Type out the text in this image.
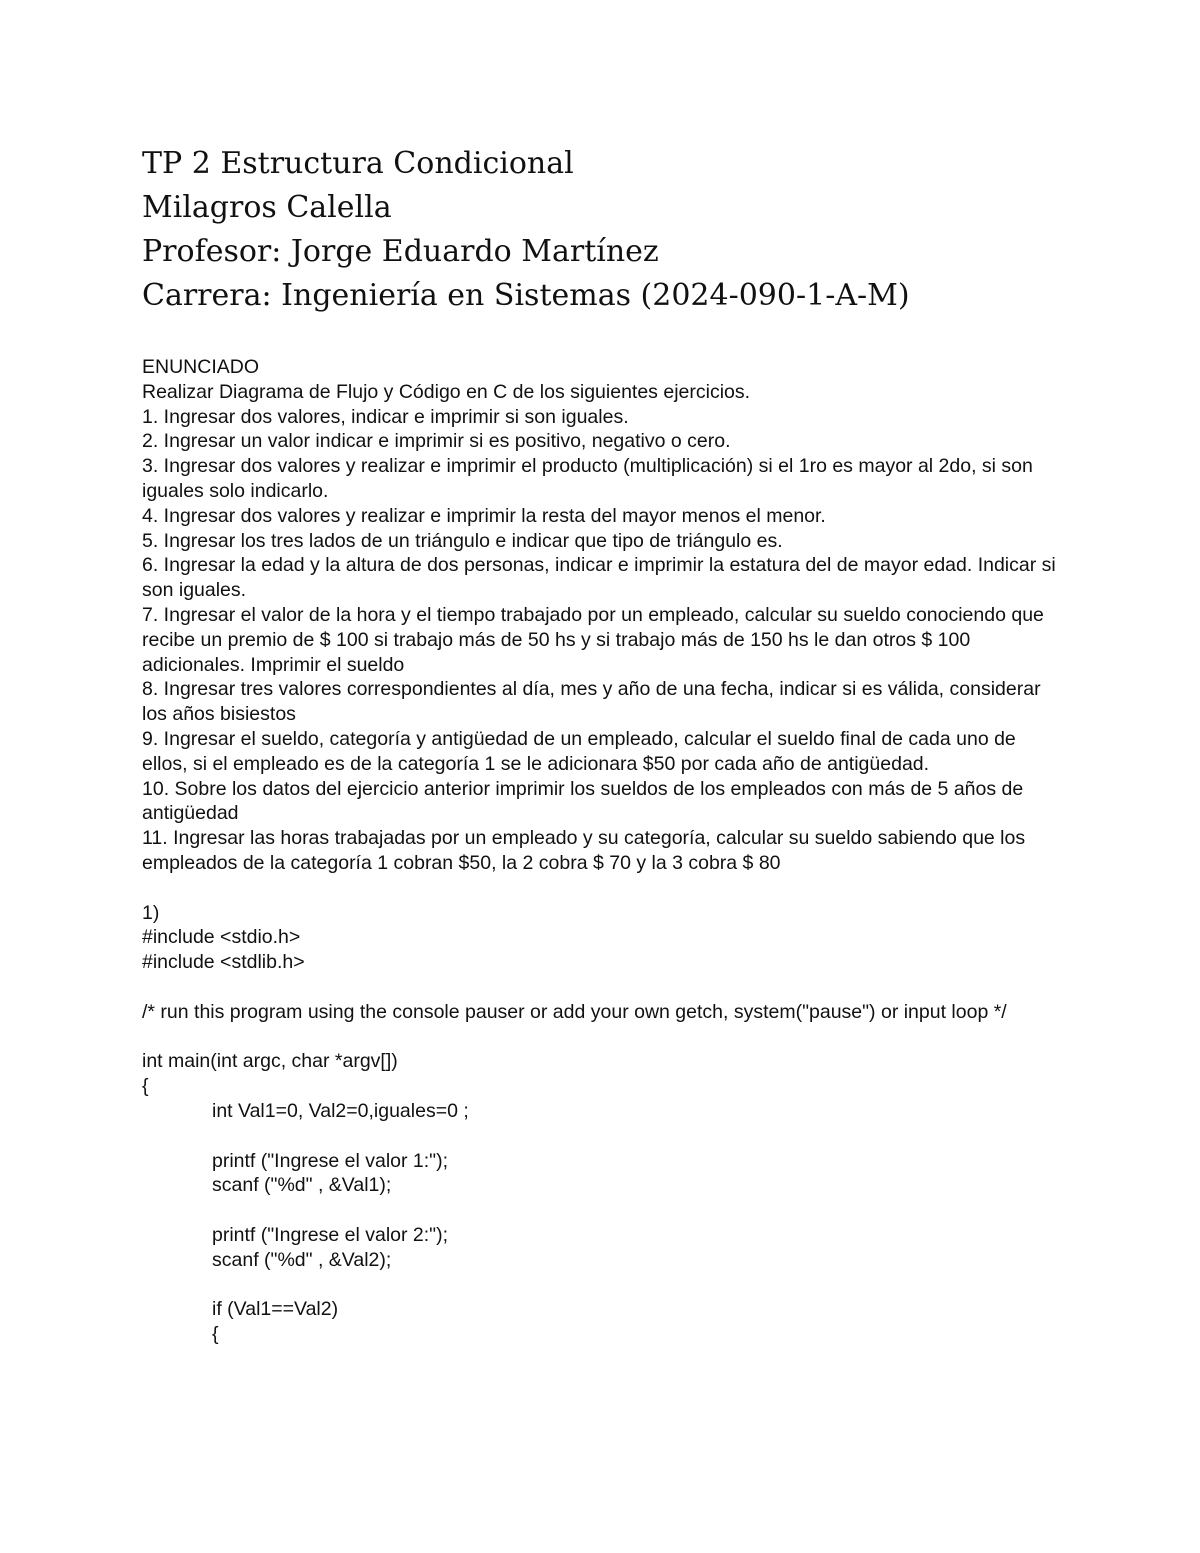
TP 2 Estructura Condicional
Milagros Calella
Profesor: Jorge Eduardo Martínez
Carrera: Ingeniería en Sistemas (2024-090-1-A-M)
ENUNCIADO
Realizar Diagrama de Flujo y Código en C de los siguientes ejercicios.
1. Ingresar dos valores, indicar e imprimir si son iguales.
2. Ingresar un valor indicar e imprimir si es positivo, negativo o cero.
3. Ingresar dos valores y realizar e imprimir el producto (multiplicación) si el 1ro es mayor al 2do, si son iguales solo indicarlo.
4. Ingresar dos valores y realizar e imprimir la resta del mayor menos el menor.
5. Ingresar los tres lados de un triángulo e indicar que tipo de triángulo es.
6. Ingresar la edad y la altura de dos personas, indicar e imprimir la estatura del de mayor edad. Indicar si son iguales.
7. Ingresar el valor de la hora y el tiempo trabajado por un empleado, calcular su sueldo conociendo que recibe un premio de $ 100 si trabajo más de 50 hs y si trabajo más de 150 hs le dan otros $ 100 adicionales. Imprimir el sueldo
8. Ingresar tres valores correspondientes al día, mes y año de una fecha, indicar si es válida, considerar los años bisiestos
9. Ingresar el sueldo, categoría y antigüedad de un empleado, calcular el sueldo final de cada uno de ellos, si el empleado es de la categoría 1 se le adicionara $50 por cada año de antigüedad.
10. Sobre los datos del ejercicio anterior imprimir los sueldos de los empleados con más de 5 años de antigüedad
11. Ingresar las horas trabajadas por un empleado y su categoría, calcular su sueldo sabiendo que los empleados de la categoría 1 cobran $50, la 2 cobra $ 70 y la 3 cobra $ 80
1)
#include <stdio.h>
#include <stdlib.h>
/* run this program using the console pauser or add your own getch, system("pause") or input loop */
int main(int argc, char *argv[])
{
int Val1=0, Val2=0,iguales=0 ;
printf ("Ingrese el valor 1:");
scanf ("%d" , &Val1);
printf ("Ingrese el valor 2:");
scanf ("%d" , &Val2);
if (Val1==Val2)
{
